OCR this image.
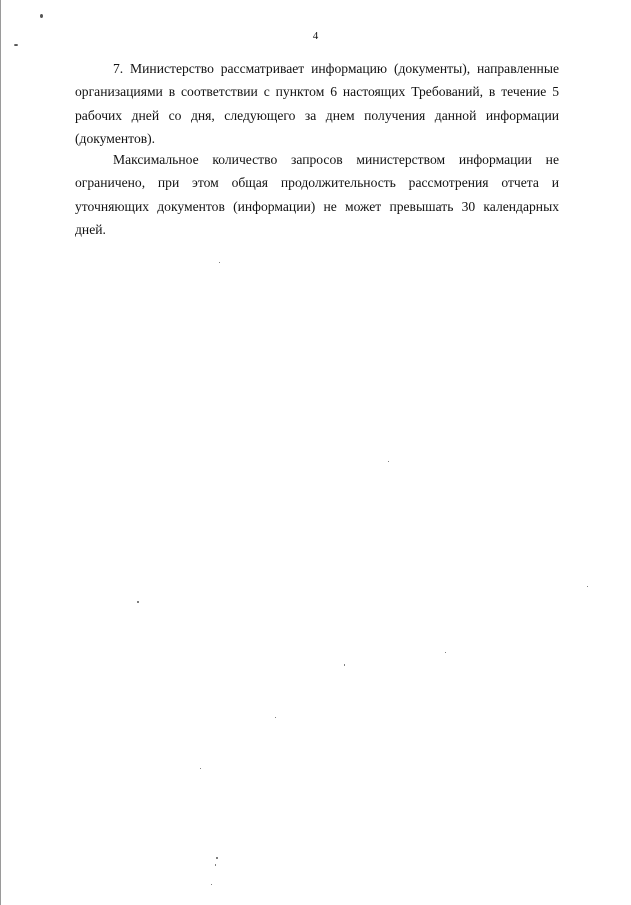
4

7. Министерство рассматривает информацию (документы), направленные организациями в соответствии с пунктом 6 настоящих Требований, в течение 5 рабочих дней со дня, следующего за днем получения данной информации (документов).

Максимальное количество запросов министерством информации не ограничено, при этом общая продолжительность рассмотрения отчета и уточняющих документов (информации) не может превышать 30 календарных дней.
